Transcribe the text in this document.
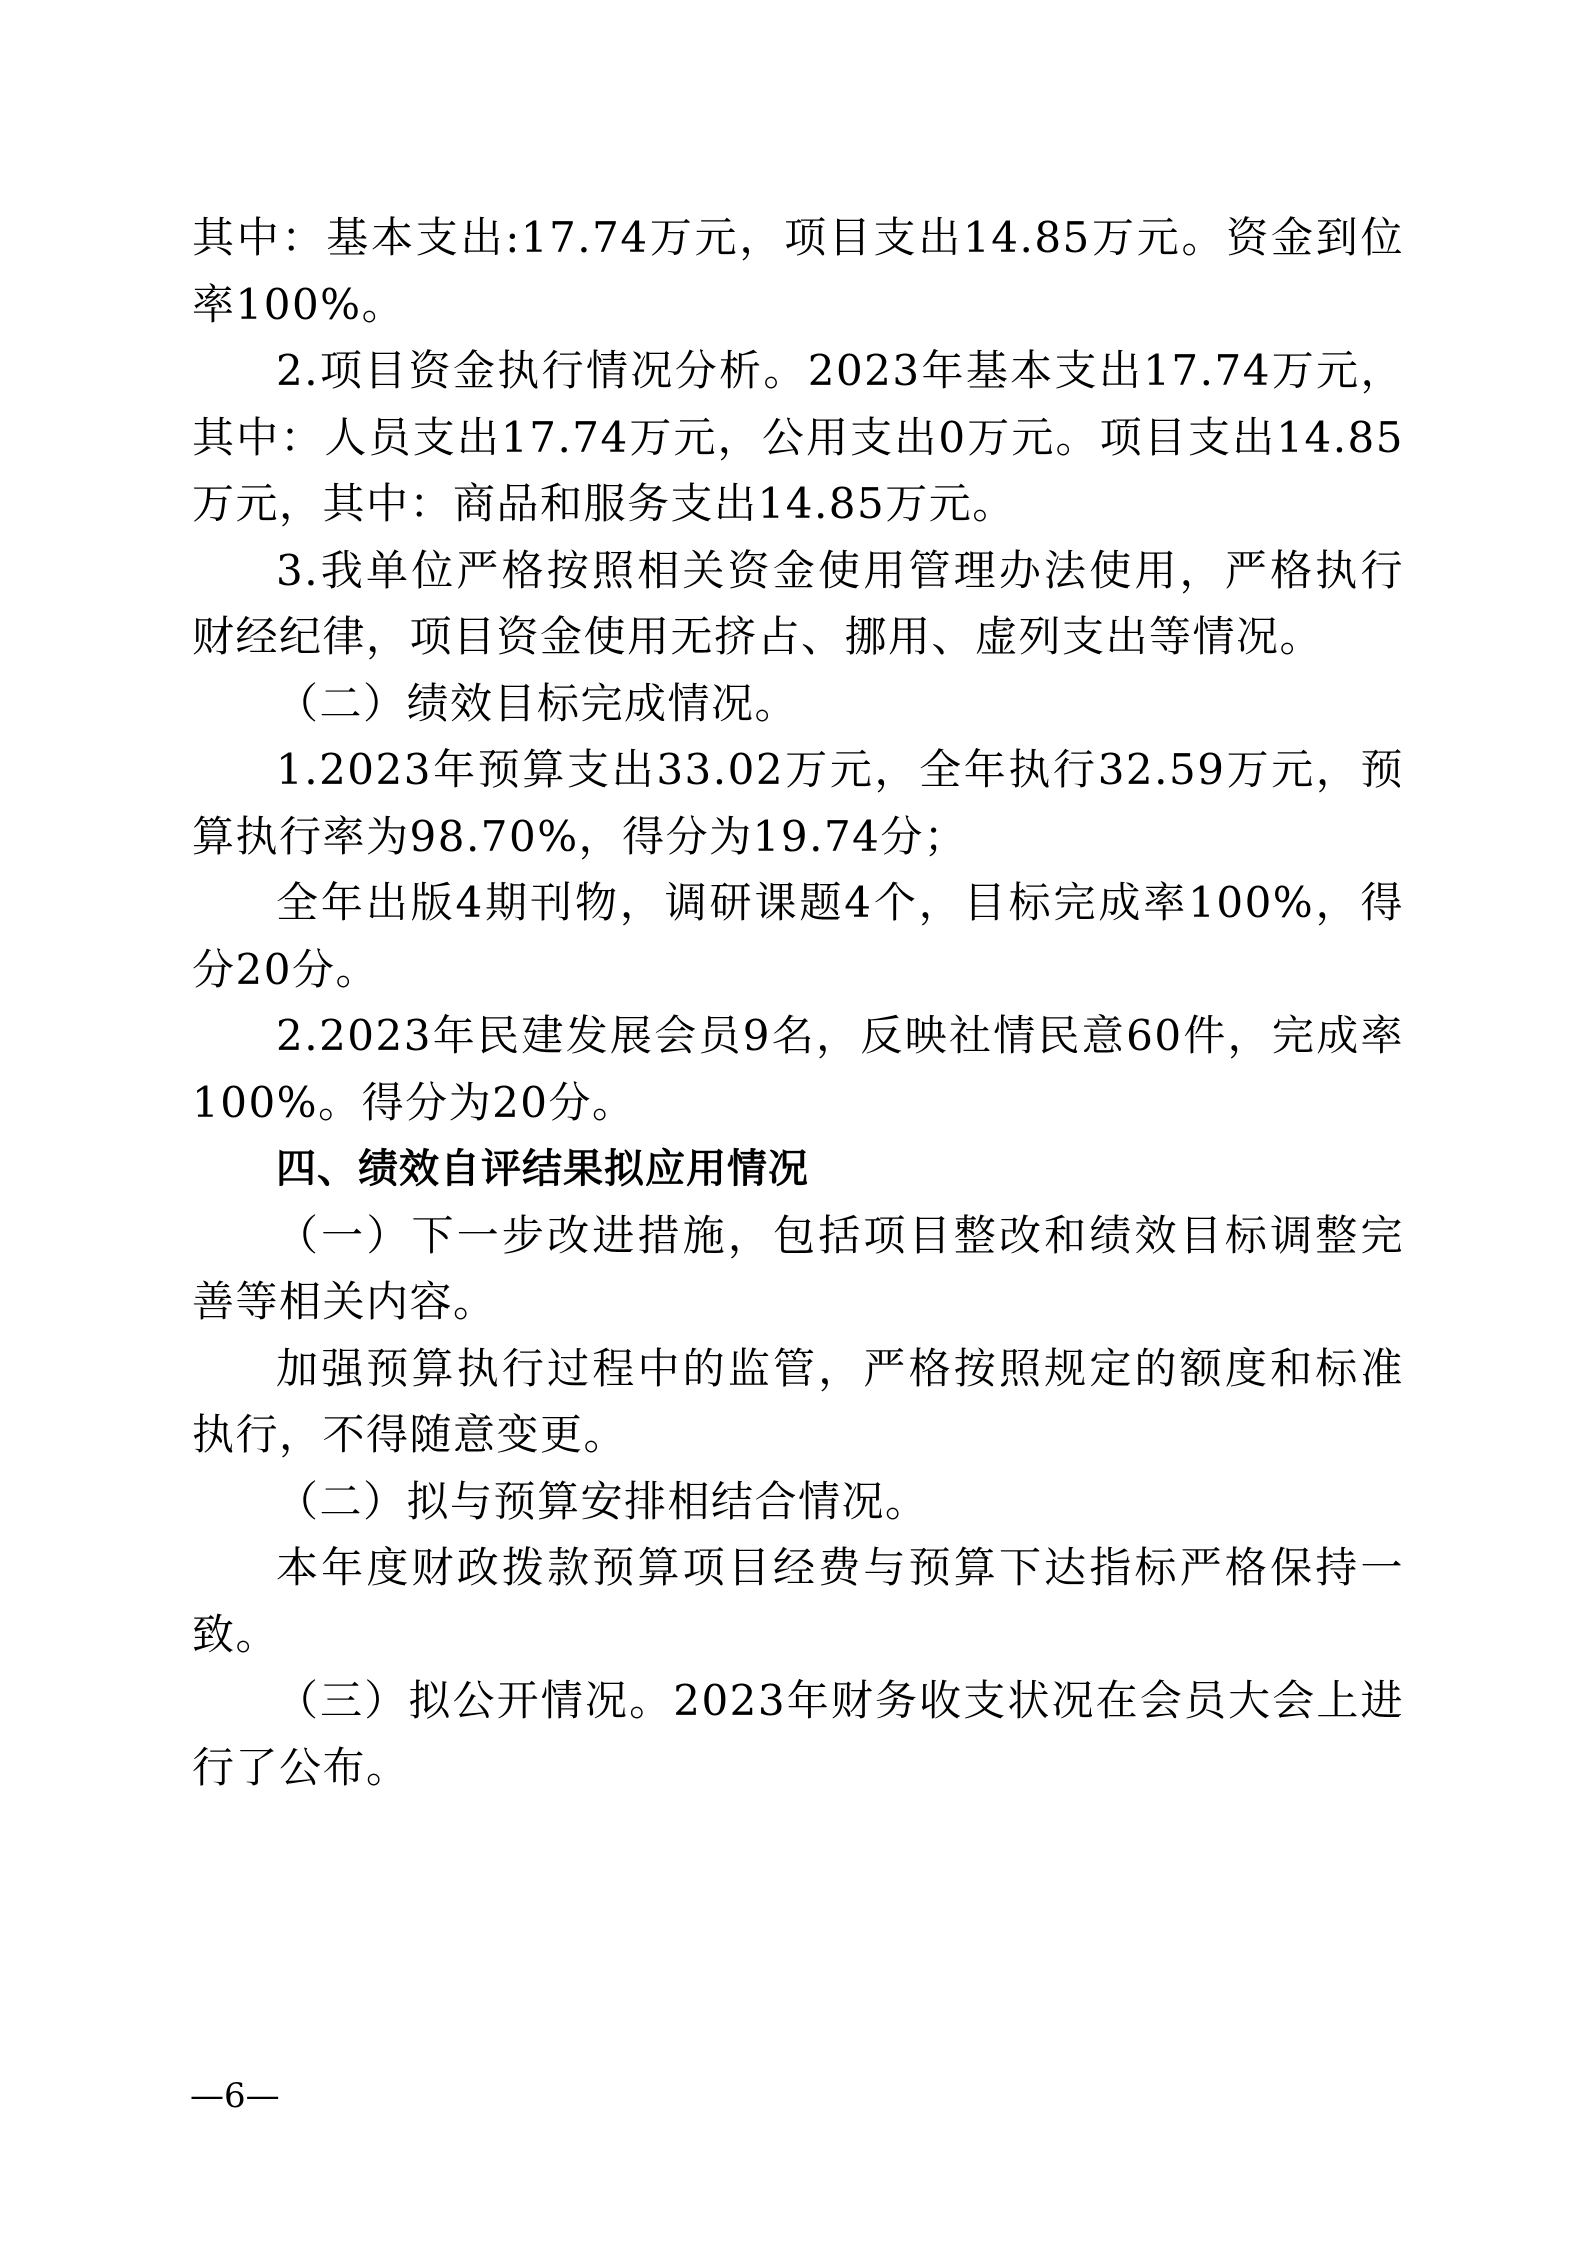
其中：基本支出:17.74万元，项目支出14.85万元。资金到位率100%。

2.项目资金执行情况分析。2023年基本支出17.74万元，其中：人员支出17.74万元，公用支出0万元。项目支出14.85万元，其中：商品和服务支出14.85万元。

3.我单位严格按照相关资金使用管理办法使用，严格执行财经纪律，项目资金使用无挤占、挪用、虚列支出等情况。

（二）绩效目标完成情况。

1.2023年预算支出33.02万元，全年执行32.59万元，预算执行率为98.70%，得分为19.74分；

全年出版4期刊物，调研课题4个，目标完成率100%，得分20分。

2.2023年民建发展会员9名，反映社情民意60件，完成率100%。得分为20分。

四、绩效自评结果拟应用情况

（一）下一步改进措施，包括项目整改和绩效目标调整完善等相关内容。

加强预算执行过程中的监管，严格按照规定的额度和标准执行，不得随意变更。

（二）拟与预算安排相结合情况。

本年度财政拨款预算项目经费与预算下达指标严格保持一致。

（三）拟公开情况。2023年财务收支状况在会员大会上进行了公布。

—6—
